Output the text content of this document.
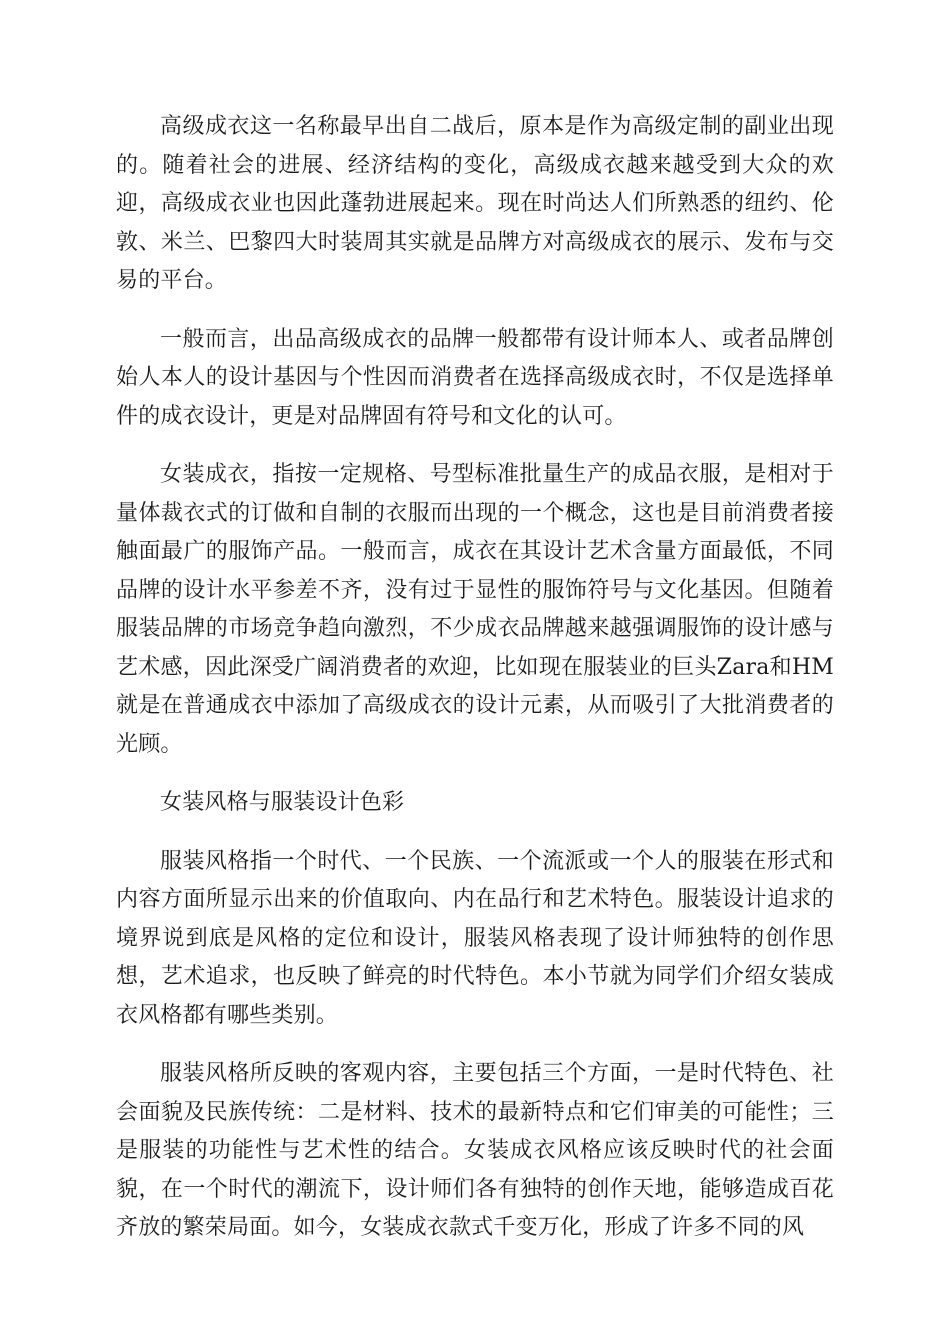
高级成衣这一名称最早出自二战后，原本是作为高级定制的副业出现的。随着社会的进展、经济结构的变化，高级成衣越来越受到大众的欢迎，高级成衣业也因此蓬勃进展起来。现在时尚达人们所熟悉的纽约、伦敦、米兰、巴黎四大时装周其实就是品牌方对高级成衣的展示、发布与交易的平台。

一般而言，出品高级成衣的品牌一般都带有设计师本人、或者品牌创始人本人的设计基因与个性因而消费者在选择高级成衣时，不仅是选择单件的成衣设计，更是对品牌固有符号和文化的认可。

女装成衣，指按一定规格、号型标准批量生产的成品衣服，是相对于量体裁衣式的订做和自制的衣服而出现的一个概念，这也是目前消费者接触面最广的服饰产品。一般而言，成衣在其设计艺术含量方面最低，不同品牌的设计水平参差不齐，没有过于显性的服饰符号与文化基因。但随着服装品牌的市场竞争趋向激烈，不少成衣品牌越来越强调服饰的设计感与艺术感，因此深受广阔消费者的欢迎，比如现在服装业的巨头Zara和HM就是在普通成衣中添加了高级成衣的设计元素，从而吸引了大批消费者的光顾。

女装风格与服装设计色彩

服装风格指一个时代、一个民族、一个流派或一个人的服装在形式和内容方面所显示出来的价值取向、内在品行和艺术特色。服装设计追求的境界说到底是风格的定位和设计，服装风格表现了设计师独特的创作思想，艺术追求，也反映了鲜亮的时代特色。本小节就为同学们介绍女装成衣风格都有哪些类别。

服装风格所反映的客观内容，主要包括三个方面，一是时代特色、社会面貌及民族传统：二是材料、技术的最新特点和它们审美的可能性；三是服装的功能性与艺术性的结合。女装成衣风格应该反映时代的社会面貌，在一个时代的潮流下，设计师们各有独特的创作天地，能够造成百花齐放的繁荣局面。如今，女装成衣款式千变万化，形成了许多不同的风
